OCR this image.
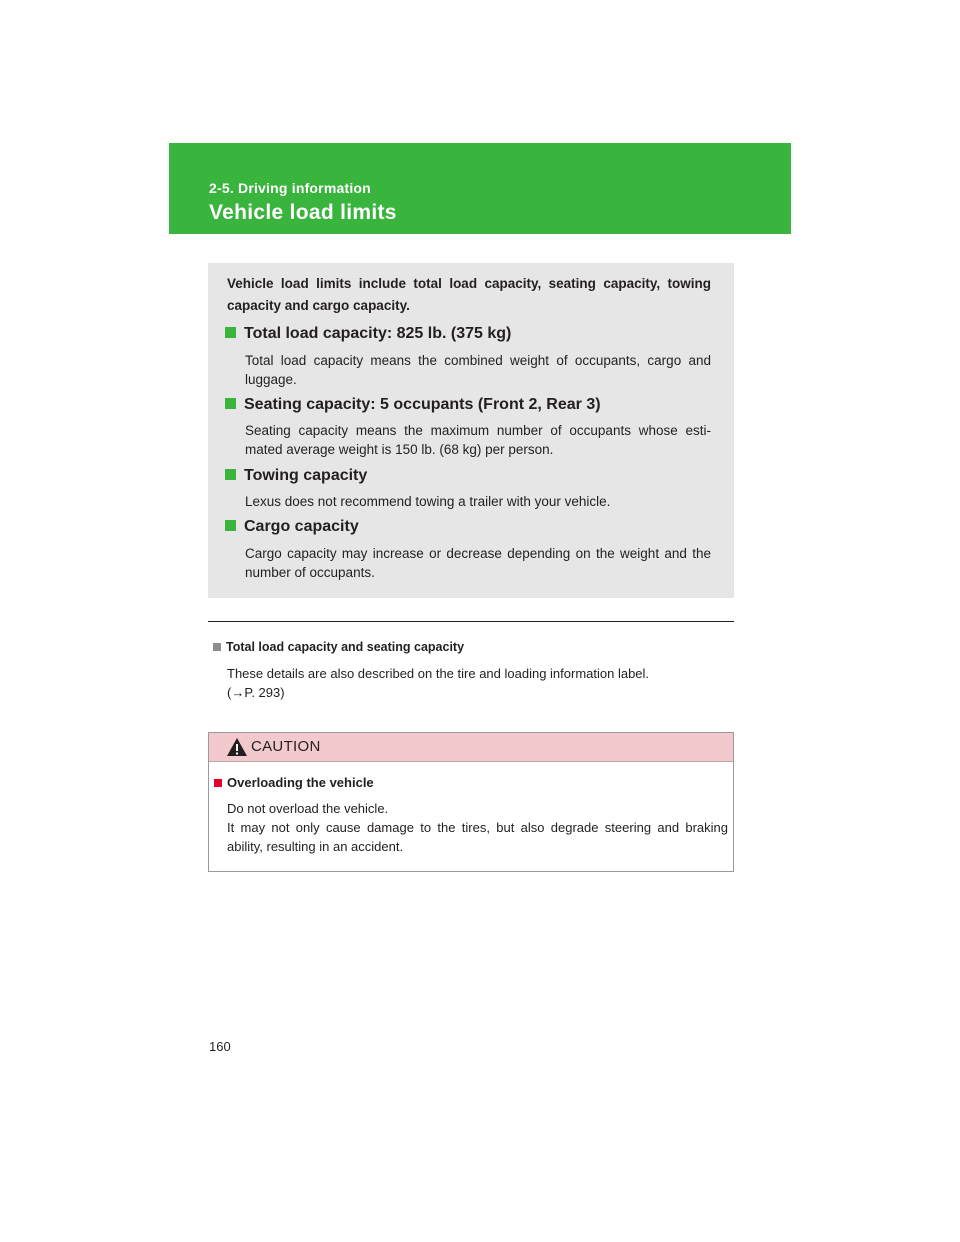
2-5. Driving information
Vehicle load limits
Vehicle load limits include total load capacity, seating capacity, towing capacity and cargo capacity.
Total load capacity: 825 lb. (375 kg)
Total load capacity means the combined weight of occupants, cargo and luggage.
Seating capacity: 5 occupants (Front 2, Rear 3)
Seating capacity means the maximum number of occupants whose esti- mated average weight is 150 lb. (68 kg) per person.
Towing capacity
Lexus does not recommend towing a trailer with your vehicle.
Cargo capacity
Cargo capacity may increase or decrease depending on the weight and the number of occupants.
Total load capacity and seating capacity
These details are also described on the tire and loading information label.
(→P. 293)
CAUTION
Overloading the vehicle
Do not overload the vehicle.
It may not only cause damage to the tires, but also degrade steering and braking ability, resulting in an accident.
160
